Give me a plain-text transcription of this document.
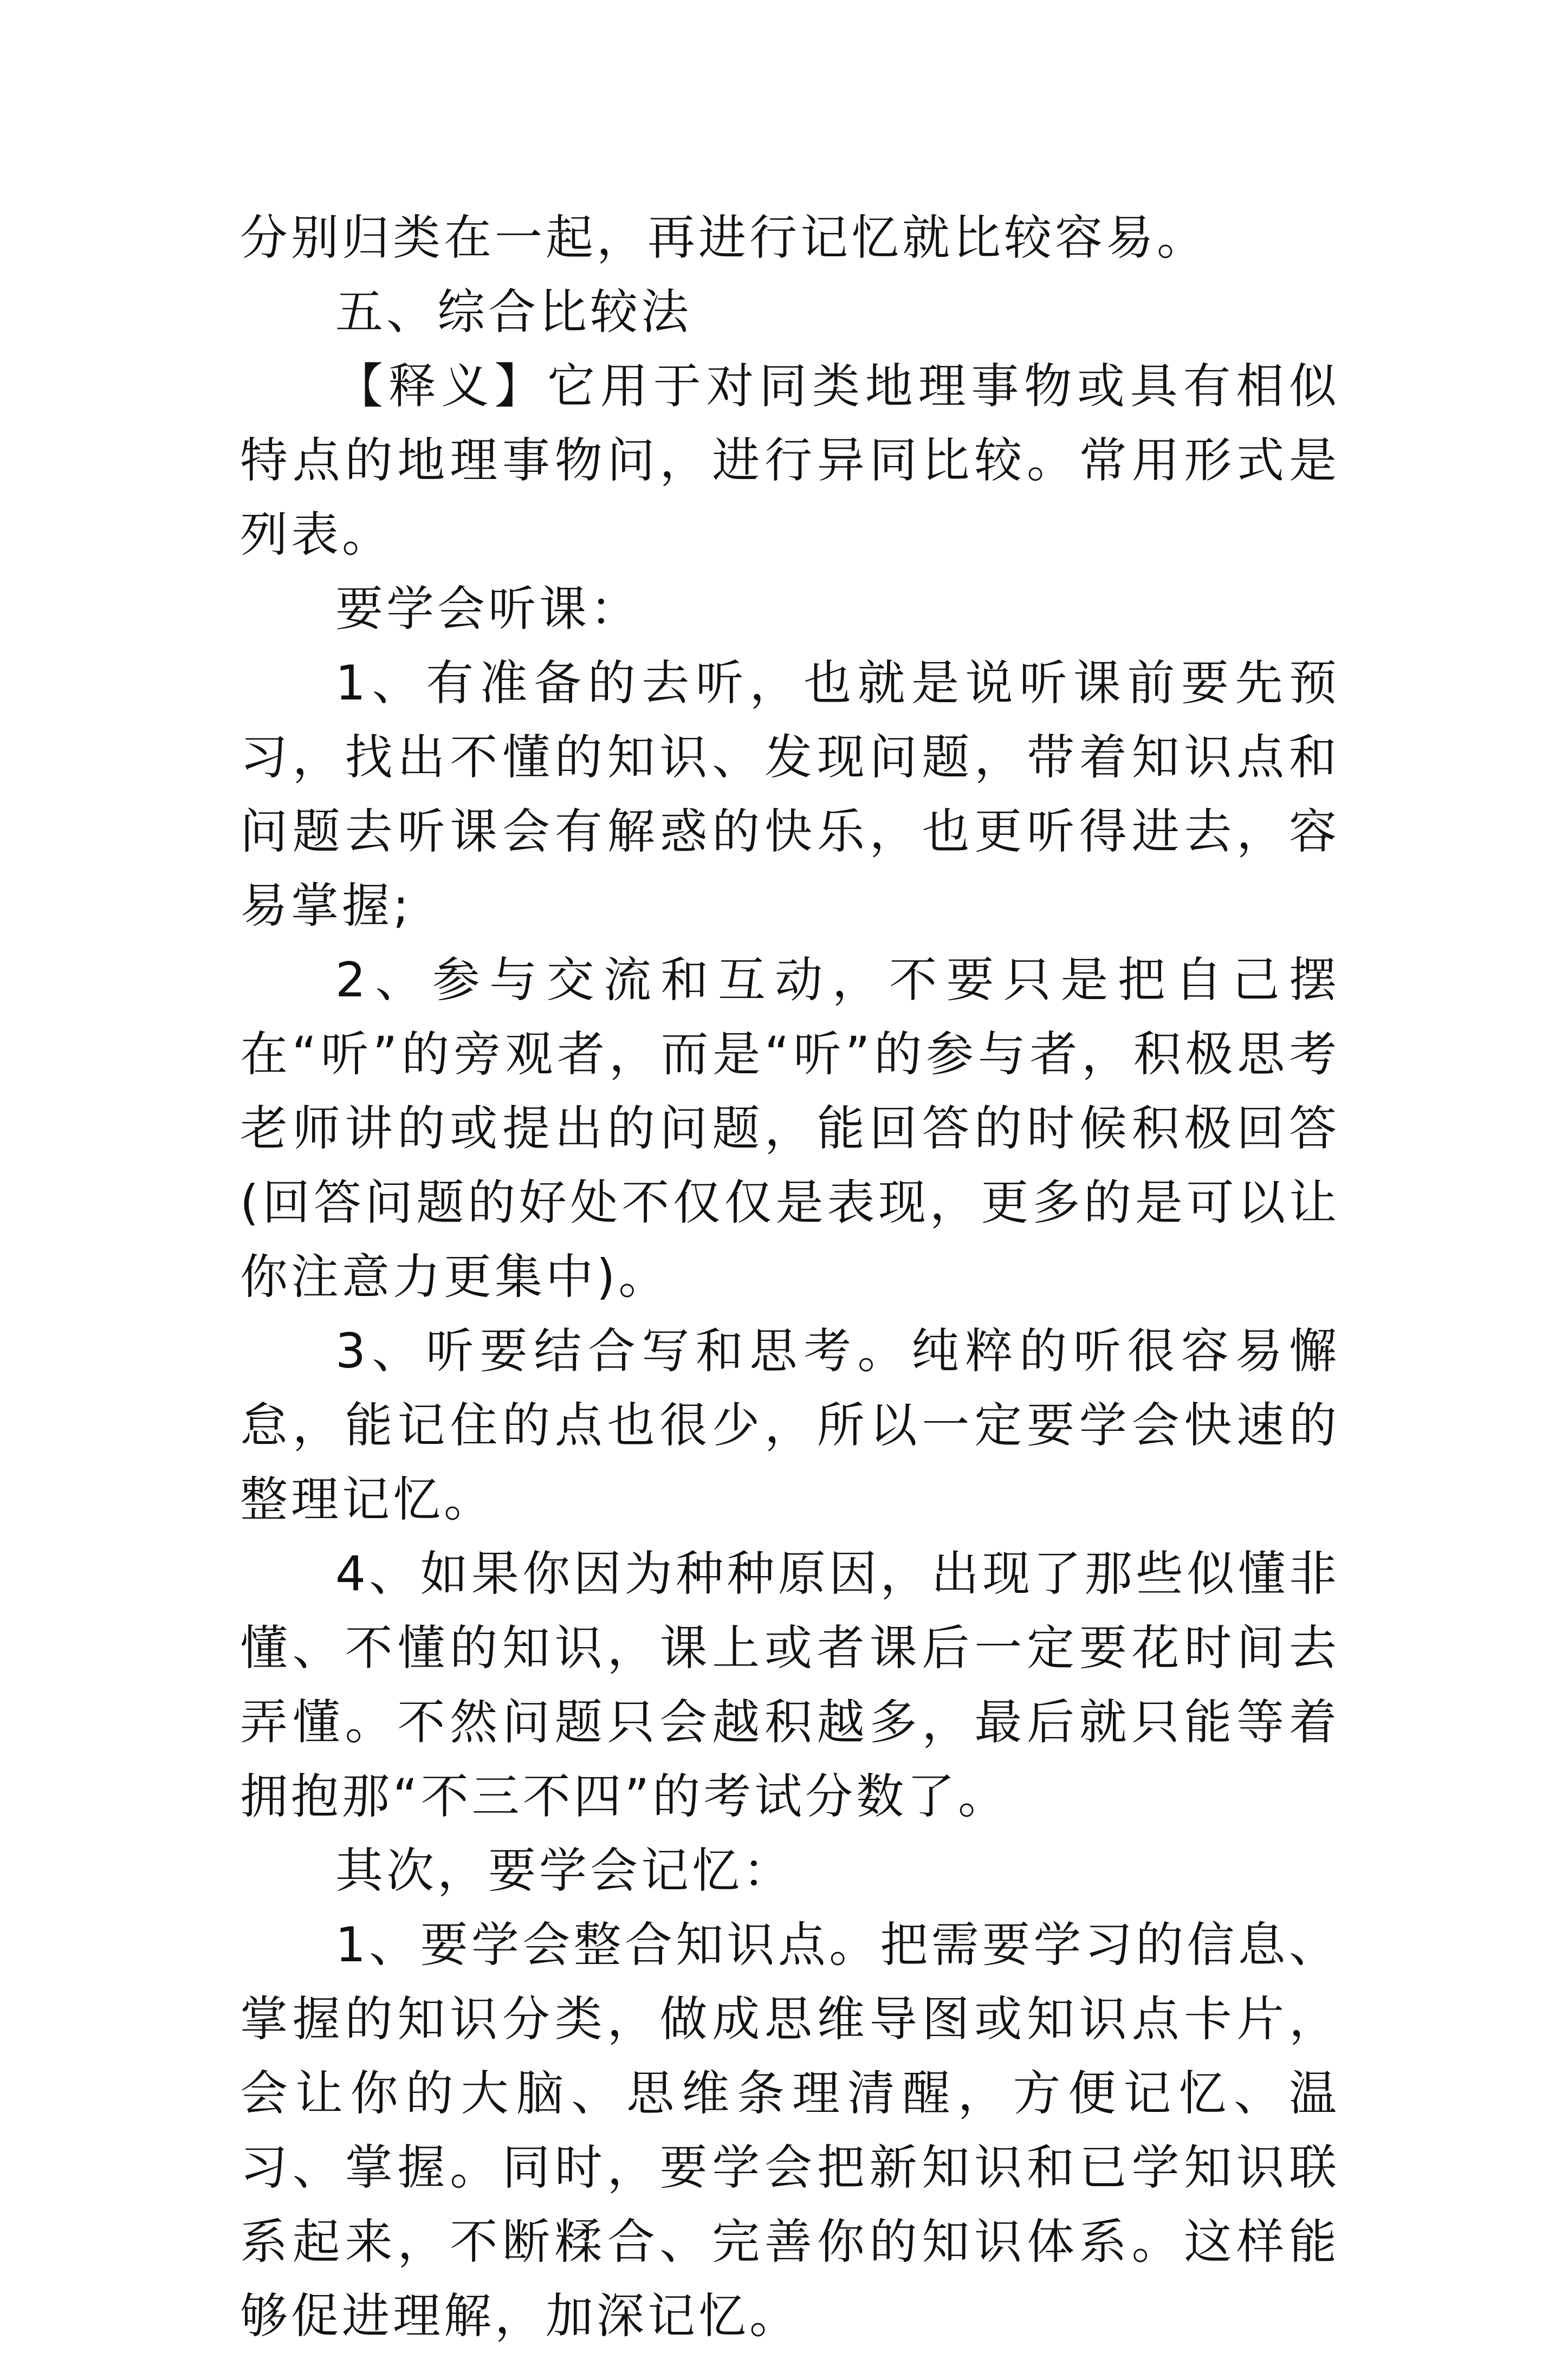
分别归类在一起，再进行记忆就比较容易。

五、综合比较法

【释义】它用于对同类地理事物或具有相似特点的地理事物问，进行异同比较。常用形式是列表。

要学会听课：

1、有准备的去听，也就是说听课前要先预习，找出不懂的知识、发现问题，带着知识点和问题去听课会有解惑的快乐，也更听得进去，容易掌握;

2、参与交流和互动，不要只是把自己摆在“听”的旁观者，而是“听”的参与者，积极思考老师讲的或提出的问题，能回答的时候积极回答(回答问题的好处不仅仅是表现，更多的是可以让你注意力更集中)。

3、听要结合写和思考。纯粹的听很容易懈怠，能记住的点也很少，所以一定要学会快速的整理记忆。

4、如果你因为种种原因，出现了那些似懂非懂、不懂的知识，课上或者课后一定要花时间去弄懂。不然问题只会越积越多，最后就只能等着拥抱那“不三不四”的考试分数了。

其次，要学会记忆：

1、要学会整合知识点。把需要学习的信息、掌握的知识分类，做成思维导图或知识点卡片，会让你的大脑、思维条理清醒，方便记忆、温习、掌握。同时，要学会把新知识和已学知识联系起来，不断糅合、完善你的知识体系。这样能够促进理解，加深记忆。
